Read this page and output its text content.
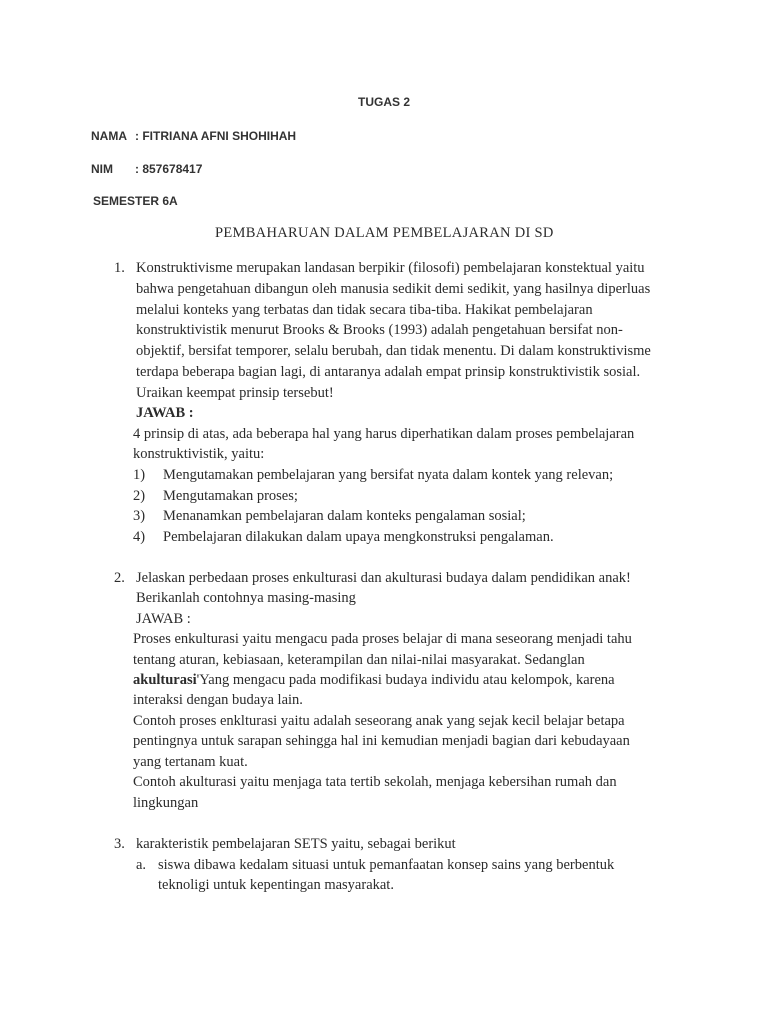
TUGAS 2
NAMA : FITRIANA AFNI SHOHIHAH
NIM : 857678417
SEMESTER 6A
PEMBAHARUAN DALAM PEMBELAJARAN DI SD
1. Konstruktivisme merupakan landasan berpikir (filosofi) pembelajaran konstektual yaitu
bahwa pengetahuan dibangun oleh manusia sedikit demi sedikit, yang hasilnya diperluas
melalui konteks yang terbatas dan tidak secara tiba-tiba. Hakikat pembelajaran
konstruktivistik menurut Brooks & Brooks (1993) adalah pengetahuan bersifat non-
objektif, bersifat temporer, selalu berubah, dan tidak menentu. Di dalam konstruktivisme
terdapa beberapa bagian lagi, di antaranya adalah empat prinsip konstruktivistik sosial.
Uraikan keempat prinsip tersebut!
JAWAB :
4 prinsip di atas, ada beberapa hal yang harus diperhatikan dalam proses pembelajaran
konstruktivistik, yaitu:
1) Mengutamakan pembelajaran yang bersifat nyata dalam kontek yang relevan;
2) Mengutamakan proses;
3) Menanamkan pembelajaran dalam konteks pengalaman sosial;
4) Pembelajaran dilakukan dalam upaya mengkonstruksi pengalaman.
2. Jelaskan perbedaan proses enkulturasi dan akulturasi budaya dalam pendidikan anak!
Berikanlah contohnya masing-masing
JAWAB :
Proses enkulturasi yaitu mengacu pada proses belajar di mana seseorang menjadi tahu
tentang aturan, kebiasaan, keterampilan dan nilai-nilai masyarakat. Sedanglan
akulturasi'Yang mengacu pada modifikasi budaya individu atau kelompok, karena
interaksi dengan budaya lain.
Contoh proses enklturasi yaitu adalah seseorang anak yang sejak kecil belajar betapa
pentingnya untuk sarapan sehingga hal ini kemudian menjadi bagian dari kebudayaan
yang tertanam kuat.
Contoh akulturasi yaitu menjaga tata tertib sekolah, menjaga kebersihan rumah dan
lingkungan
3. karakteristik pembelajaran SETS yaitu, sebagai berikut
a. siswa dibawa kedalam situasi untuk pemanfaatan konsep sains yang berbentuk
teknoligi untuk kepentingan masyarakat.
